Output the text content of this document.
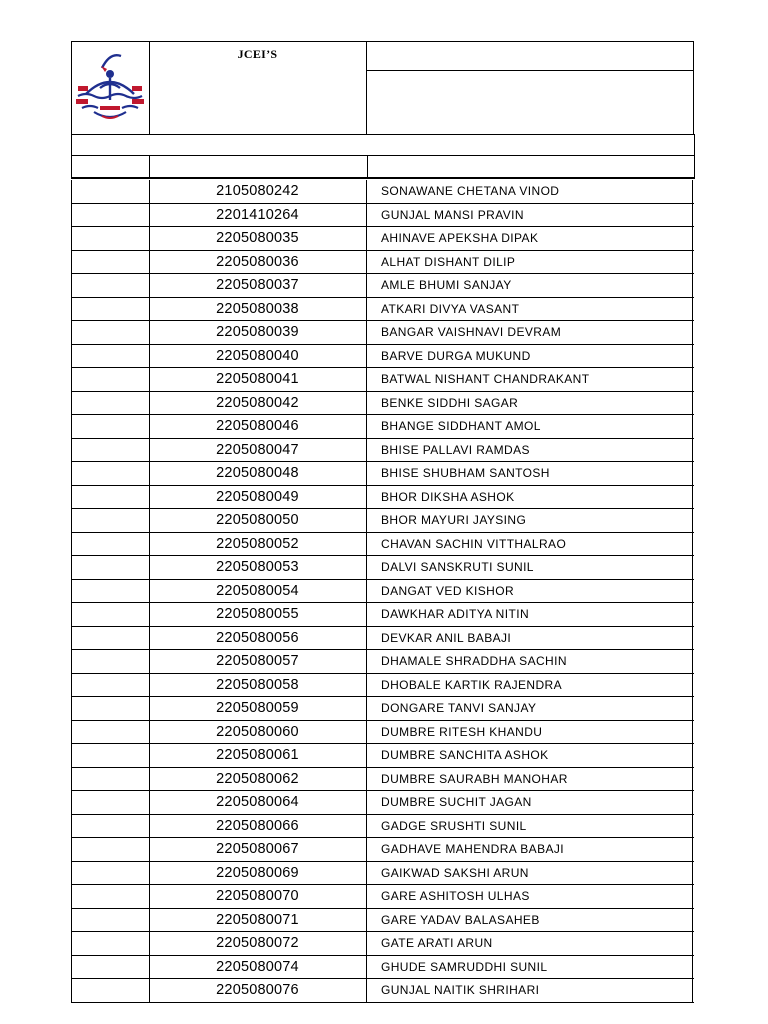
JCEI’S
2105080242	SONAWANE CHETANA VINOD
2201410264	GUNJAL MANSI PRAVIN
2205080035	AHINAVE APEKSHA DIPAK
2205080036	ALHAT DISHANT DILIP
2205080037	AMLE BHUMI SANJAY
2205080038	ATKARI DIVYA VASANT
2205080039	BANGAR VAISHNAVI DEVRAM
2205080040	BARVE DURGA MUKUND
2205080041	BATWAL NISHANT CHANDRAKANT
2205080042	BENKE SIDDHI SAGAR
2205080046	BHANGE SIDDHANT AMOL
2205080047	BHISE PALLAVI RAMDAS
2205080048	BHISE SHUBHAM SANTOSH
2205080049	BHOR DIKSHA ASHOK
2205080050	BHOR MAYURI JAYSING
2205080052	CHAVAN SACHIN VITTHALRAO
2205080053	DALVI SANSKRUTI SUNIL
2205080054	DANGAT VED KISHOR
2205080055	DAWKHAR ADITYA NITIN
2205080056	DEVKAR ANIL BABAJI
2205080057	DHAMALE SHRADDHA SACHIN
2205080058	DHOBALE KARTIK RAJENDRA
2205080059	DONGARE TANVI SANJAY
2205080060	DUMBRE RITESH KHANDU
2205080061	DUMBRE SANCHITA ASHOK
2205080062	DUMBRE SAURABH MANOHAR
2205080064	DUMBRE SUCHIT JAGAN
2205080066	GADGE SRUSHTI SUNIL
2205080067	GADHAVE MAHENDRA BABAJI
2205080069	GAIKWAD SAKSHI ARUN
2205080070	GARE ASHITOSH ULHAS
2205080071	GARE YADAV BALASAHEB
2205080072	GATE ARATI ARUN
2205080074	GHUDE SAMRUDDHI SUNIL
2205080076	GUNJAL NAITIK SHRIHARI
